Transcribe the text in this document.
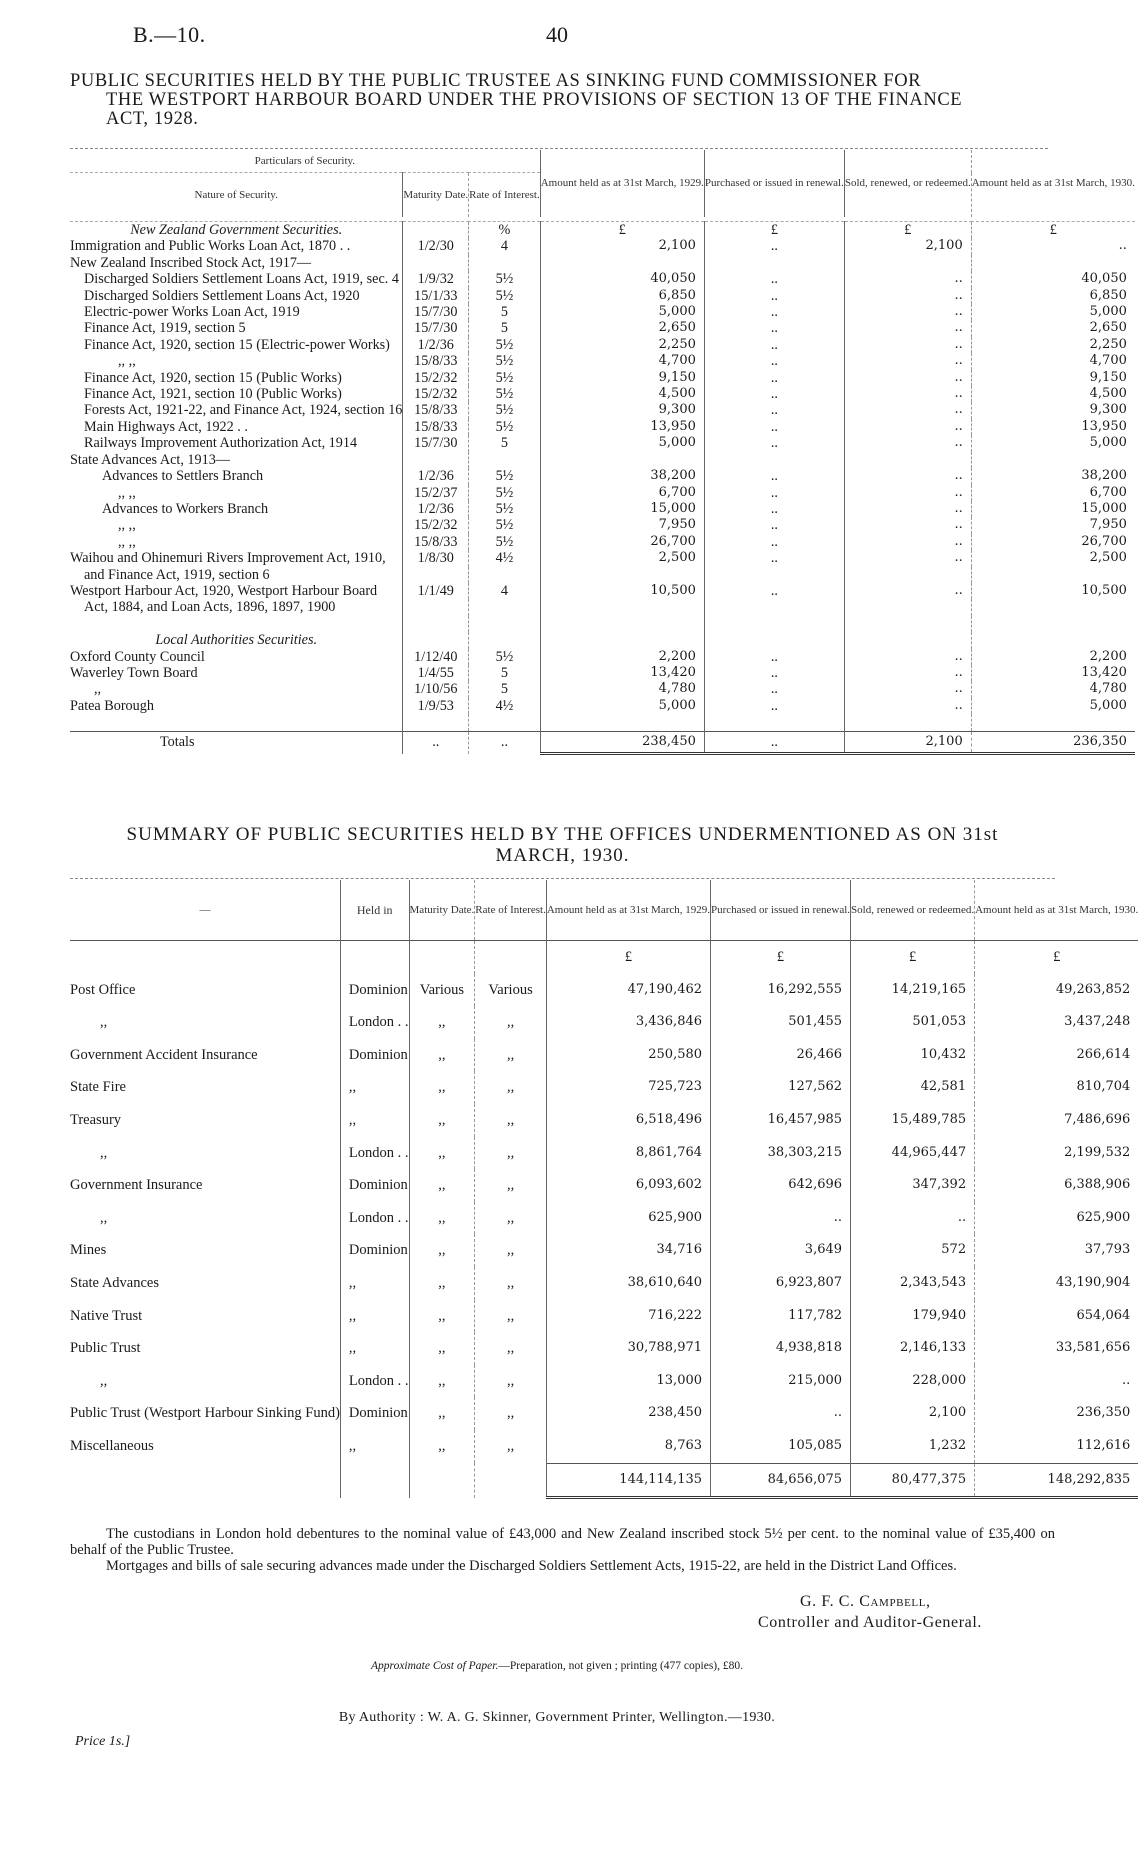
B.—10.	40
PUBLIC SECURITIES HELD BY THE PUBLIC TRUSTEE AS SINKING FUND COMMISSIONER FOR
THE WESTPORT HARBOUR BOARD UNDER THE PROVISIONS OF SECTION 13 OF THE FINANCE
ACT, 1928.
Particulars of Security.			Amount held as at 31st March, 1929.	Purchased or issued in renewal.	Sold, renewed, or redeemed.	Amount held as at 31st March, 1930.
Nature of Security.	Maturity Date.	Rate of Interest.				

New Zealand Government Securities.		%	£	£	£	£
Immigration and Public Works Loan Act, 1870 . .	1/2/30	4	2,100	..	2,100	..
New Zealand Inscribed Stock Act, 1917—						
Discharged Soldiers Settlement Loans Act, 1919, sec. 4	1/9/32	5½	40,050	..	..	40,050
Discharged Soldiers Settlement Loans Act, 1920	15/1/33	5½	6,850	..	..	6,850
Electric-power Works Loan Act, 1919	15/7/30	5	5,000	..	..	5,000
Finance Act, 1919, section 5	15/7/30	5	2,650	..	..	2,650
Finance Act, 1920, section 15 (Electric-power Works)	1/2/36	5½	2,250	..	..	2,250
,, ,,	15/8/33	5½	4,700	..	..	4,700
Finance Act, 1920, section 15 (Public Works)	15/2/32	5½	9,150	..	..	9,150
Finance Act, 1921, section 10 (Public Works)	15/2/32	5½	4,500	..	..	4,500
Forests Act, 1921-22, and Finance Act, 1924, section 16	15/8/33	5½	9,300	..	..	9,300
Main Highways Act, 1922 . .	15/8/33	5½	13,950	..	..	13,950
Railways Improvement Authorization Act, 1914	15/7/30	5	5,000	..	..	5,000
State Advances Act, 1913—						
Advances to Settlers Branch	1/2/36	5½	38,200	..	..	38,200
,, ,,	15/2/37	5½	6,700	..	..	6,700
Advances to Workers Branch	1/2/36	5½	15,000	..	..	15,000
,, ,,	15/2/32	5½	7,950	..	..	7,950
,, ,,	15/8/33	5½	26,700	..	..	26,700
Waihou and Ohinemuri Rivers Improvement Act, 1910,	1/8/30	4½	2,500	..	..	2,500
and Finance Act, 1919, section 6						
Westport Harbour Act, 1920, Westport Harbour Board	1/1/49	4	10,500	..	..	10,500
Act, 1884, and Loan Acts, 1896, 1897, 1900						

Local Authorities Securities.						
Oxford County Council	1/12/40	5½	2,200	..	..	2,200
Waverley Town Board	1/4/55	5	13,420	..	..	13,420
,,	1/10/56	5	4,780	..	..	4,780
Patea Borough	1/9/53	4½	5,000	..	..	5,000

Totals	..	..	238,450	..	2,100	236,350
SUMMARY OF PUBLIC SECURITIES HELD BY THE OFFICES UNDERMENTIONED AS ON 31st
MARCH, 1930.
—	Held in	Maturity Date.	Rate of Interest.	Amount held as at 31st March, 1929.	Purchased or issued in renewal.	Sold, renewed or redeemed.	Amount held as at 31st March, 1930.
				£	£	£	£
Post Office	Dominion	Various	Various	47,190,462	16,292,555	14,219,165	49,263,852
,,	London . .	,,	,,	3,436,846	501,455	501,053	3,437,248
Government Accident Insurance	Dominion	,,	,,	250,580	26,466	10,432	266,614
State Fire	,,	,,	,,	725,723	127,562	42,581	810,704
Treasury	,,	,,	,,	6,518,496	16,457,985	15,489,785	7,486,696
,,	London . .	,,	,,	8,861,764	38,303,215	44,965,447	2,199,532
Government Insurance	Dominion	,,	,,	6,093,602	642,696	347,392	6,388,906
,,	London . .	,,	,,	625,900	..	..	625,900
Mines	Dominion	,,	,,	34,716	3,649	572	37,793
State Advances	,,	,,	,,	38,610,640	6,923,807	2,343,543	43,190,904
Native Trust	,,	,,	,,	716,222	117,782	179,940	654,064
Public Trust	,,	,,	,,	30,788,971	4,938,818	2,146,133	33,581,656
,,	London . .	,,	,,	13,000	215,000	228,000	..
Public Trust (Westport Harbour Sinking Fund)	Dominion	,,	,,	238,450	..	2,100	236,350
Miscellaneous	,,	,,	,,	8,763	105,085	1,232	112,616
				144,114,135	84,656,075	80,477,375	148,292,835

The custodians in London hold debentures to the nominal value of £43,000 and New Zealand inscribed stock 5½ per cent. to the nominal value of £35,400 on behalf of the Public Trustee.

Mortgages and bills of sale securing advances made under the Discharged Soldiers Settlement Acts, 1915-22, are held in the District Land Offices.

G. F. C. Campbell,
Controller and Auditor-General.
Approximate Cost of Paper.—Preparation, not given ; printing (477 copies), £80.
By Authority : W. A. G. Skinner, Government Printer, Wellington.—1930.
Price 1s.]
